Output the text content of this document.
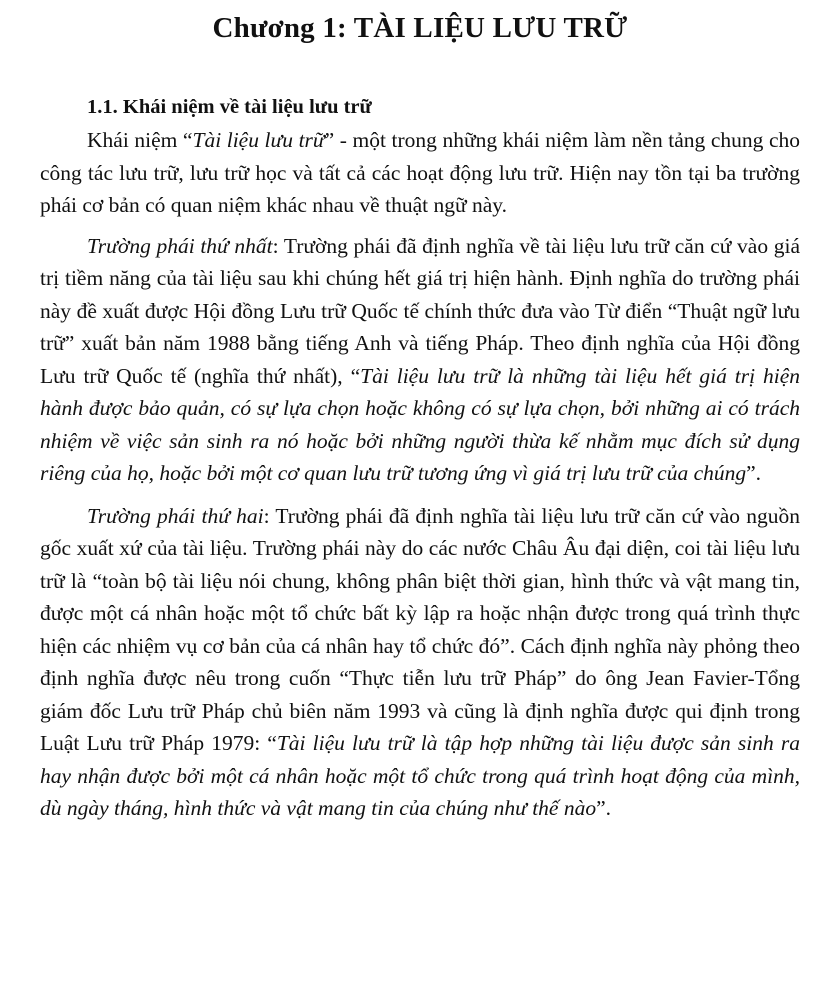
Chương 1: TÀI LIỆU LƯU TRỮ
1.1. Khái niệm về tài liệu lưu trữ

Khái niệm “Tài liệu lưu trữ” - một trong những khái niệm làm nền tảng chung cho công tác lưu trữ, lưu trữ học và tất cả các hoạt động lưu trữ. Hiện nay tồn tại ba trường phái cơ bản có quan niệm khác nhau về thuật ngữ này.

Trường phái thứ nhất: Trường phái đã định nghĩa về tài liệu lưu trữ căn cứ vào giá trị tiềm năng của tài liệu sau khi chúng hết giá trị hiện hành. Định nghĩa do trường phái này đề xuất được Hội đồng Lưu trữ Quốc tế chính thức đưa vào Từ điển “Thuật ngữ lưu trữ” xuất bản năm 1988 bằng tiếng Anh và tiếng Pháp. Theo định nghĩa của Hội đồng Lưu trữ Quốc tế (nghĩa thứ nhất), “Tài liệu lưu trữ là những tài liệu hết giá trị hiện hành được bảo quản, có sự lựa chọn hoặc không có sự lựa chọn, bởi những ai có trách nhiệm về việc sản sinh ra nó hoặc bởi những người thừa kế nhằm mục đích sử dụng riêng của họ, hoặc bởi một cơ quan lưu trữ tương ứng vì giá trị lưu trữ của chúng”.

Trường phái thứ hai: Trường phái đã định nghĩa tài liệu lưu trữ căn cứ vào nguồn gốc xuất xứ của tài liệu. Trường phái này do các nước Châu Âu đại diện, coi tài liệu lưu trữ là “toàn bộ tài liệu nói chung, không phân biệt thời gian, hình thức và vật mang tin, được một cá nhân hoặc một tổ chức bất kỳ lập ra hoặc nhận được trong quá trình thực hiện các nhiệm vụ cơ bản của cá nhân hay tổ chức đó”. Cách định nghĩa này phỏng theo định nghĩa được nêu trong cuốn “Thực tiễn lưu trữ Pháp” do ông Jean Favier-Tổng giám đốc Lưu trữ Pháp chủ biên năm 1993 và cũng là định nghĩa được qui định trong Luật Lưu trữ Pháp 1979: “Tài liệu lưu trữ là tập hợp những tài liệu được sản sinh ra hay nhận được bởi một cá nhân hoặc một tổ chức trong quá trình hoạt động của mình, dù ngày tháng, hình thức và vật mang tin của chúng như thế nào”.
